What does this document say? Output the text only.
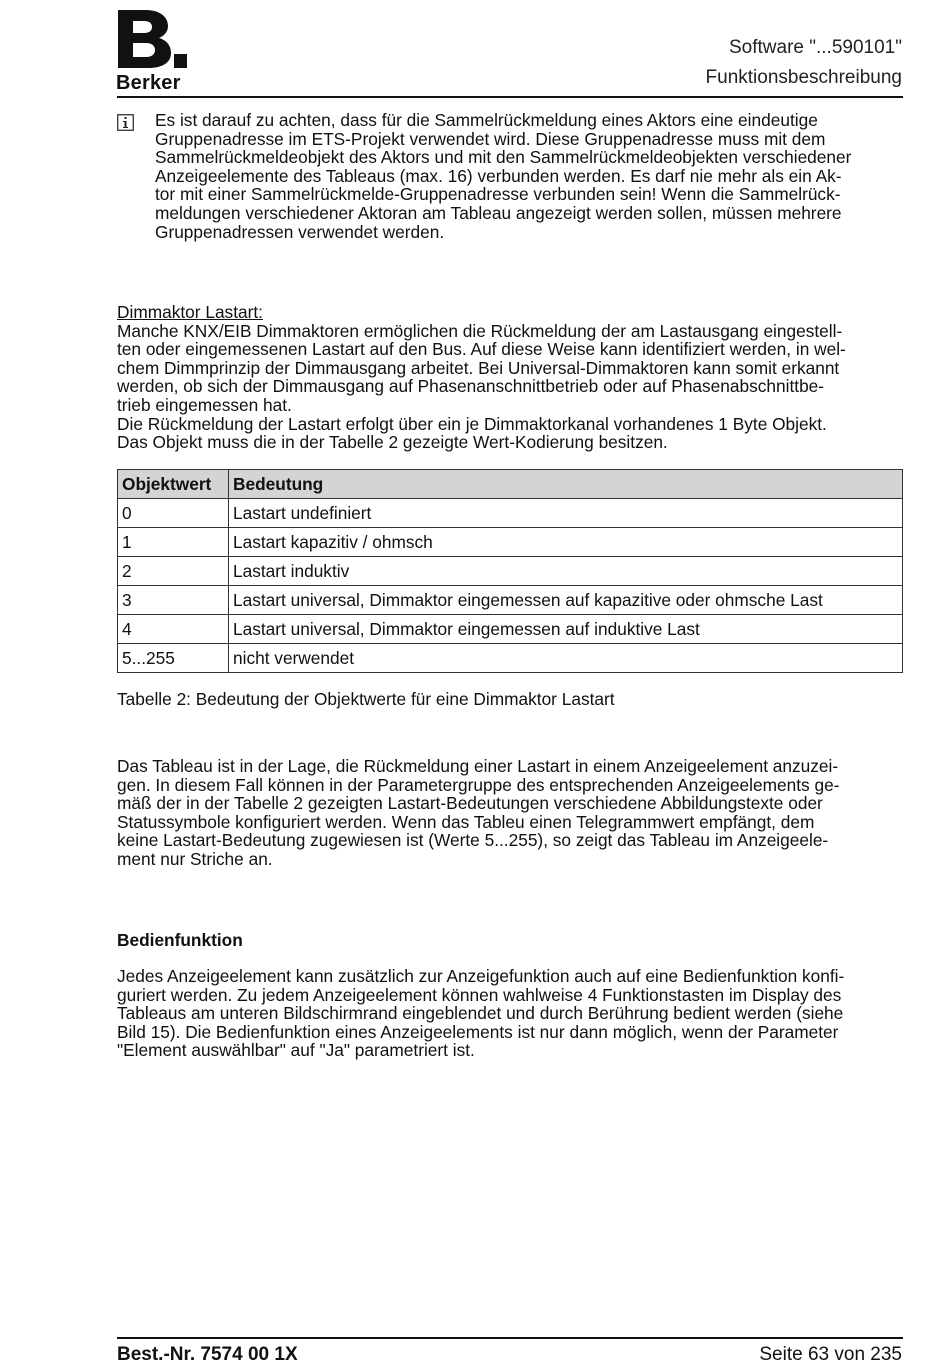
Berker
Software "...590101"
Funktionsbeschreibung
Es ist darauf zu achten, dass für die Sammelrückmeldung eines Aktors eine eindeutige
Gruppenadresse im ETS-Projekt verwendet wird. Diese Gruppenadresse muss mit dem
Sammelrückmeldeobjekt des Aktors und mit den Sammelrückmeldeobjekten verschiedener
Anzeigeelemente des Tableaus (max. 16) verbunden werden. Es darf nie mehr als ein Ak-
tor mit einer Sammelrückmelde-Gruppenadresse verbunden sein! Wenn die Sammelrück-
meldungen verschiedener Aktoran am Tableau angezeigt werden sollen, müssen mehrere
Gruppenadressen verwendet werden.
Dimmaktor Lastart:
Manche KNX/EIB Dimmaktoren ermöglichen die Rückmeldung der am Lastausgang eingestell-
ten oder eingemessenen Lastart auf den Bus. Auf diese Weise kann identifiziert werden, in wel-
chem Dimmprinzip der Dimmausgang arbeitet. Bei Universal-Dimmaktoren kann somit erkannt
werden, ob sich der Dimmausgang auf Phasenanschnittbetrieb oder auf Phasenabschnittbe-
trieb eingemessen hat.
Die Rückmeldung der Lastart erfolgt über ein je Dimmaktorkanal vorhandenes 1 Byte Objekt.
Das Objekt muss die in der Tabelle 2 gezeigte Wert-Kodierung besitzen.
Objektwert	Bedeutung
0	Lastart undefiniert
1	Lastart kapazitiv / ohmsch
2	Lastart induktiv
3	Lastart universal, Dimmaktor eingemessen auf kapazitive oder ohmsche Last
4	Lastart universal, Dimmaktor eingemessen auf induktive Last
5...255	nicht verwendet
Tabelle 2: Bedeutung der Objektwerte für eine Dimmaktor Lastart
Das Tableau ist in der Lage, die Rückmeldung einer Lastart in einem Anzeigeelement anzuzei-
gen. In diesem Fall können in der Parametergruppe des entsprechenden Anzeigeelements ge-
mäß der in der Tabelle 2 gezeigten Lastart-Bedeutungen verschiedene Abbildungstexte oder
Statussymbole konfiguriert werden. Wenn das Tableu einen Telegrammwert empfängt, dem
keine Lastart-Bedeutung zugewiesen ist (Werte 5...255), so zeigt das Tableau im Anzeigeele-
ment nur Striche an.
Bedienfunktion
Jedes Anzeigeelement kann zusätzlich zur Anzeigefunktion auch auf eine Bedienfunktion konfi-
guriert werden. Zu jedem Anzeigeelement können wahlweise 4 Funktionstasten im Display des
Tableaus am unteren Bildschirmrand eingeblendet und durch Berührung bedient werden (siehe
Bild 15). Die Bedienfunktion eines Anzeigeelements ist nur dann möglich, wenn der Parameter
"Element auswählbar" auf "Ja" parametriert ist.
Best.-Nr. 7574 00 1X	Seite 63 von 235
